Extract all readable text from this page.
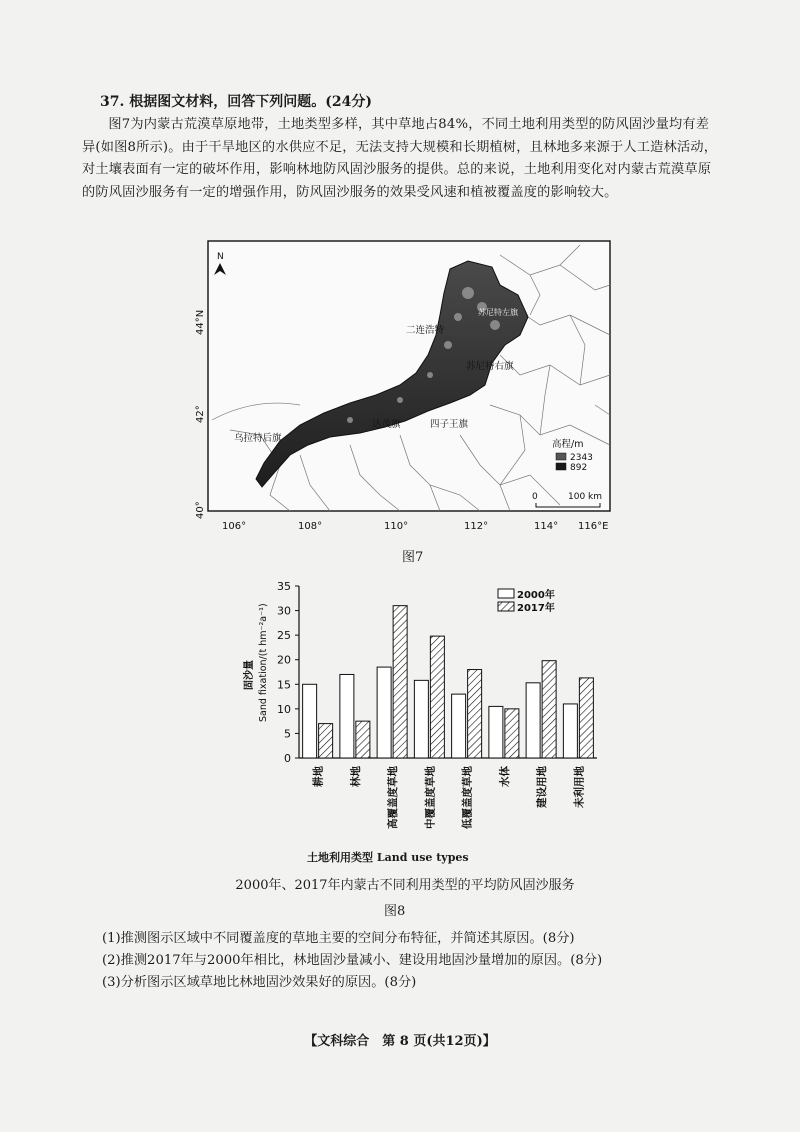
37. 根据图文材料，回答下列问题。(24分)
图7为内蒙古荒漠草原地带，土地类型多样，其中草地占84%，不同土地利用类型的防风固沙量均有差异(如图8所示)。由于干旱地区的水供应不足，无法支持大规模和长期植树，且林地多来源于人工造林活动，对土壤表面有一定的破坏作用，影响林地防风固沙服务的提供。总的来说，土地利用变化对内蒙古荒漠草原的防风固沙服务有一定的增强作用，防风固沙服务的效果受风速和植被覆盖度的影响较大。
44°N
42°
40°
106°	108°	110°	112°	114° 116°E
N
二连浩特
苏尼特右旗
苏尼特左旗
乌拉特后旗
达茂旗	四子王旗
高程/m
2343
892
0	100 km
图7
耕地 林地 高覆盖度草地 中覆盖度草地 低覆盖度草地 水体 建设用地 未利用地
0
5
10
15
20
25
30
35
固沙量 Sand fixation/(t hm⁻²a⁻¹)
2000年
2017年
土地利用类型 Land use types
2000年、2017年内蒙古不同利用类型的平均防风固沙服务
图8
(1)推测图示区域中不同覆盖度的草地主要的空间分布特征，并简述其原因。(8分)
(2)推测2017年与2000年相比，林地固沙量减小、建设用地固沙量增加的原因。(8分)
(3)分析图示区域草地比林地固沙效果好的原因。(8分)
【文科综合　第 8 页(共12页)】
